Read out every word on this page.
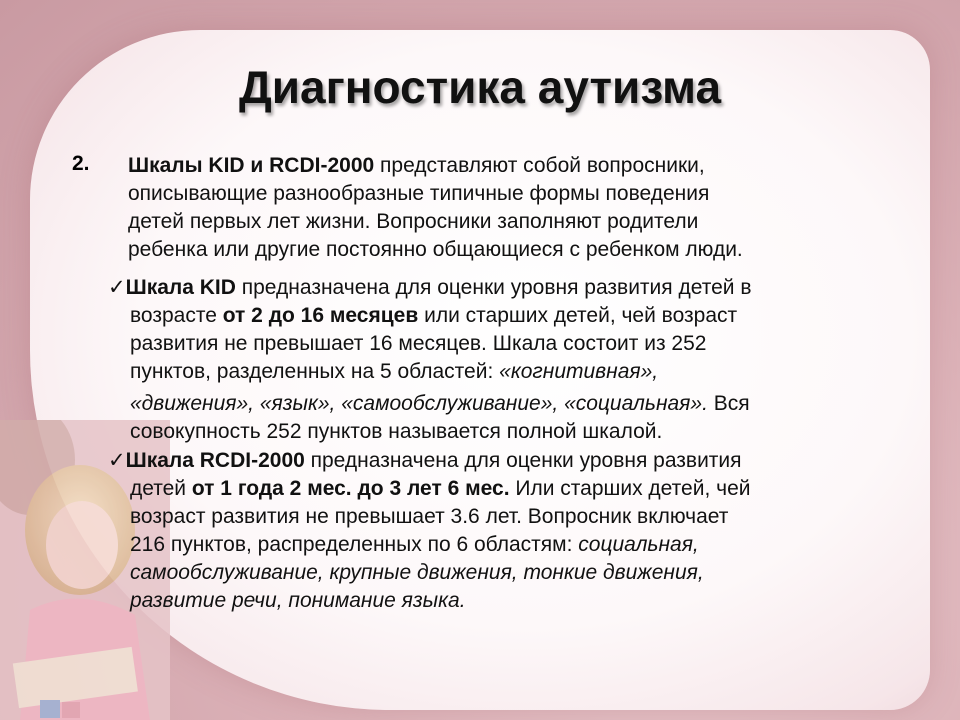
Диагностика аутизма
2. Шкалы KID и RCDI-2000 представляют собой вопросники,
описывающие разнообразные типичные формы поведения
детей первых лет жизни. Вопросники заполняют родители
ребенка или другие постоянно общающиеся с ребенком люди.
✓Шкала KID предназначена для оценки уровня развития детей в
возрасте от 2 до 16 месяцев или старших детей, чей возраст
развития не превышает 16 месяцев. Шкала состоит из 252
пунктов, разделенных на 5 областей: «когнитивная»,
«движения», «язык», «самообслуживание», «социальная». Вся
совокупность 252 пунктов называется полной шкалой.
✓Шкала RCDI-2000 предназначена для оценки уровня развития
детей от 1 года 2 мес. до 3 лет 6 мес. Или старших детей, чей
возраст развития не превышает 3.6 лет. Вопросник включает
216 пунктов, распределенных по 6 областям: социальная,
самообслуживание, крупные движения, тонкие движения,
развитие речи, понимание языка.
